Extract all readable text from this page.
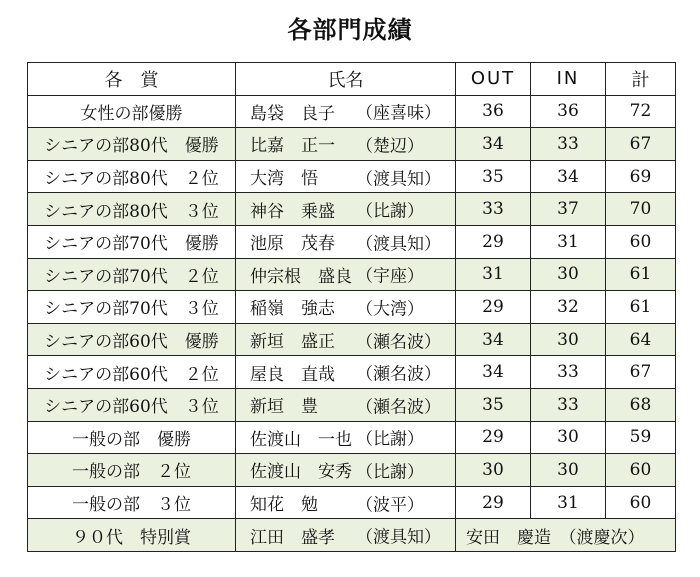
各部門成績
各　賞	氏名	OUT	IN	計
女性の部優勝	島袋　良子 （座喜味）	36	36	72
シニアの部80代　優勝	比嘉　正一 （楚辺）	34	33	67
シニアの部80代　２位	大湾　悟 （渡具知）	35	34	69
シニアの部80代　３位	神谷　乗盛 （比謝）	33	37	70
シニアの部70代　優勝	池原　茂春 （渡具知）	29	31	60
シニアの部70代　２位	仲宗根　盛良 （宇座）	31	30	61
シニアの部70代　３位	稲嶺　強志 （大湾）	29	32	61
シニアの部60代　優勝	新垣　盛正 （瀬名波）	34	30	64
シニアの部60代　２位	屋良　直哉 （瀬名波）	34	33	67
シニアの部60代　３位	新垣　豊 （瀬名波）	35	33	68
一般の部　優勝	佐渡山　一也 （比謝）	29	30	59
一般の部　２位	佐渡山　安秀 （比謝）	30	30	60
一般の部　３位	知花　勉 （波平）	29	31	60
９０代　特別賞	江田　盛孝 （渡具知）	安田　慶造　（渡慶次）		
